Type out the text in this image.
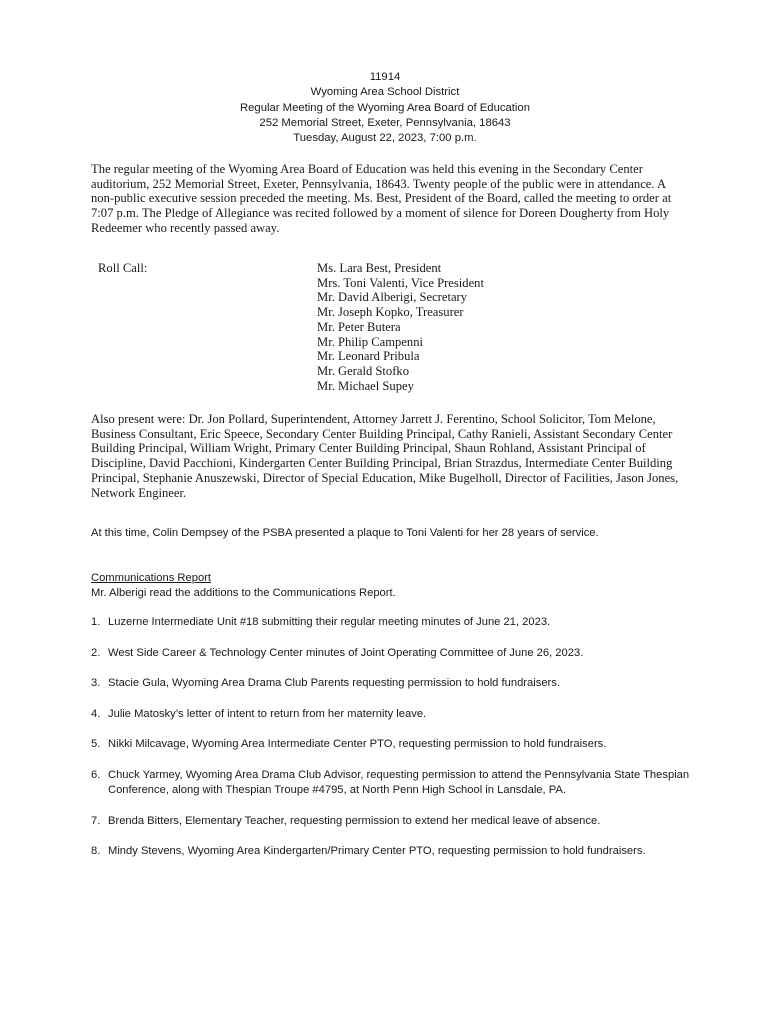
11914
Wyoming Area School District
Regular Meeting of the Wyoming Area Board of Education
252 Memorial Street, Exeter, Pennsylvania, 18643
Tuesday, August 22, 2023, 7:00 p.m.

The regular meeting of the Wyoming Area Board of Education was held this evening in the Secondary Center auditorium, 252 Memorial Street, Exeter, Pennsylvania, 18643. Twenty people of the public were in attendance. A non-public executive session preceded the meeting. Ms. Best, President of the Board, called the meeting to order at 7:07 p.m. The Pledge of Allegiance was recited followed by a moment of silence for Doreen Dougherty from Holy Redeemer who recently passed away.

Roll Call:	Ms. Lara Best, President
Mrs. Toni Valenti, Vice President
Mr. David Alberigi, Secretary
Mr. Joseph Kopko, Treasurer
Mr. Peter Butera
Mr. Philip Campenni
Mr. Leonard Pribula
Mr. Gerald Stofko
Mr. Michael Supey

Also present were: Dr. Jon Pollard, Superintendent, Attorney Jarrett J. Ferentino, School Solicitor, Tom Melone, Business Consultant, Eric Speece, Secondary Center Building Principal, Cathy Ranieli, Assistant Secondary Center Building Principal, William Wright, Primary Center Building Principal, Shaun Rohland, Assistant Principal of Discipline, David Pacchioni, Kindergarten Center Building Principal, Brian Strazdus, Intermediate Center Building Principal, Stephanie Anuszewski, Director of Special Education, Mike Bugelholl, Director of Facilities, Jason Jones, Network Engineer.

At this time, Colin Dempsey of the PSBA presented a plaque to Toni Valenti for her 28 years of service.

Communications Report
Mr. Alberigi read the additions to the Communications Report.
1. Luzerne Intermediate Unit #18 submitting their regular meeting minutes of June 21, 2023.
2. West Side Career & Technology Center minutes of Joint Operating Committee of June 26, 2023.
3. Stacie Gula, Wyoming Area Drama Club Parents requesting permission to hold fundraisers.
4. Julie Matosky’s letter of intent to return from her maternity leave.
5. Nikki Milcavage, Wyoming Area Intermediate Center PTO, requesting permission to hold fundraisers.
6. Chuck Yarmey, Wyoming Area Drama Club Advisor, requesting permission to attend the Pennsylvania State Thespian Conference, along with Thespian Troupe #4795, at North Penn High School in Lansdale, PA.
7. Brenda Bitters, Elementary Teacher, requesting permission to extend her medical leave of absence.
8. Mindy Stevens, Wyoming Area Kindergarten/Primary Center PTO, requesting permission to hold fundraisers.
